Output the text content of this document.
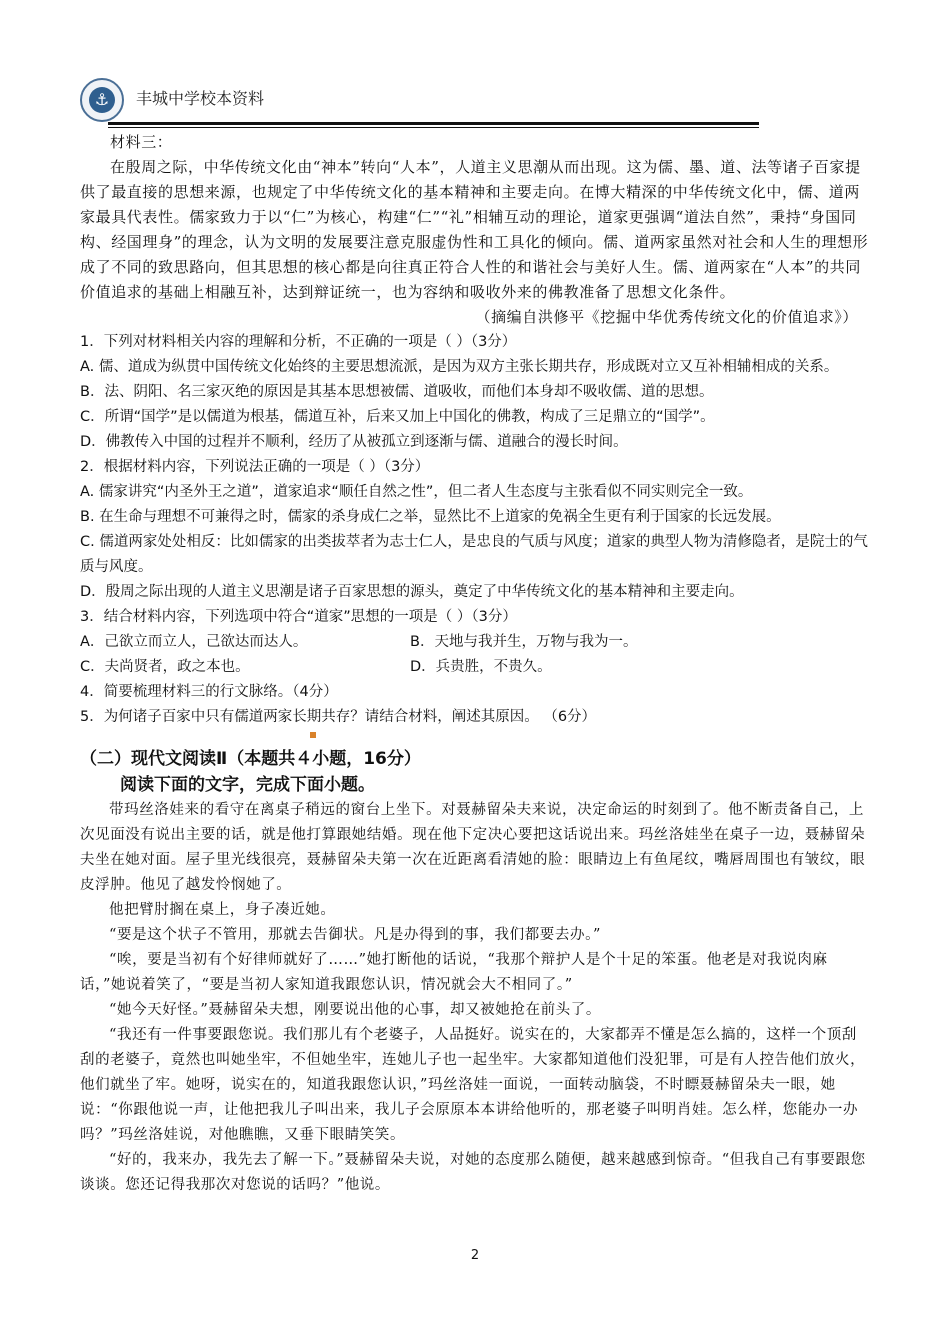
⚓	丰城中学校本资料

材料三：

在殷周之际，中华传统文化由“神本”转向“人本”，人道主义思潮从而出现。这为儒、墨、道、法等诸子百家提供了最直接的思想来源，也规定了中华传统文化的基本精神和主要走向。在博大精深的中华传统文化中，儒、道两家最具代表性。儒家致力于以“仁”为核心，构建“仁”“礼”相辅互动的理论，道家更强调“道法自然”，秉持“身国同构、经国理身”的理念，认为文明的发展要注意克服虚伪性和工具化的倾向。儒、道两家虽然对社会和人生的理想形成了不同的致思路向，但其思想的核心都是向往真正符合人性的和谐社会与美好人生。儒、道两家在“人本”的共同价值追求的基础上相融互补，达到辩证统一，也为容纳和吸收外来的佛教准备了思想文化条件。

（摘编自洪修平《挖掘中华优秀传统文化的价值追求》）

1．下列对材料相关内容的理解和分析，不正确的一项是（ ）（3分）

A. 儒、道成为纵贯中国传统文化始终的主要思想流派，是因为双方主张长期共存，形成既对立又互补相辅相成的关系。

B．法、阴阳、名三家灭绝的原因是其基本思想被儒、道吸收，而他们本身却不吸收儒、道的思想。

C．所谓“国学”是以儒道为根基，儒道互补，后来又加上中国化的佛教，构成了三足鼎立的“国学”。

D．佛教传入中国的过程并不顺利，经历了从被孤立到逐渐与儒、道融合的漫长时间。

2．根据材料内容，下列说法正确的一项是（ ）（3分）

A. 儒家讲究“内圣外王之道”，道家追求“顺任自然之性”，但二者人生态度与主张看似不同实则完全一致。

B. 在生命与理想不可兼得之时，儒家的杀身成仁之举，显然比不上道家的免祸全生更有利于国家的长远发展。

C. 儒道两家处处相反：比如儒家的出类拔萃者为志士仁人，是忠良的气质与风度；道家的典型人物为清修隐者，是院士的气质与风度。

D．殷周之际出现的人道主义思潮是诸子百家思想的源头，奠定了中华传统文化的基本精神和主要走向。

3．结合材料内容，下列选项中符合“道家”思想的一项是（ ）（3分）

A．己欲立而立人，己欲达而达人。	B．天地与我并生，万物与我为一。
C．夫尚贤者，政之本也。	D．兵贵胜，不贵久。

4．简要梳理材料三的行文脉络。（4分）

5．为何诸子百家中只有儒道两家长期共存？请结合材料，阐述其原因。 （6分）

（二）现代文阅读Ⅱ（本题共４小题，16分）

阅读下面的文字，完成下面小题。

带玛丝洛娃来的看守在离桌子稍远的窗台上坐下。对聂赫留朵夫来说，决定命运的时刻到了。他不断责备自己，上次见面没有说出主要的话，就是他打算跟她结婚。现在他下定决心要把这话说出来。玛丝洛娃坐在桌子一边，聂赫留朵夫坐在她对面。屋子里光线很亮，聂赫留朵夫第一次在近距离看清她的脸：眼睛边上有鱼尾纹，嘴唇周围也有皱纹，眼皮浮肿。他见了越发怜悯她了。

他把臂肘搁在桌上，身子凑近她。

“要是这个状子不管用，那就去告御状。凡是办得到的事，我们都要去办。”

“唉，要是当初有个好律师就好了……”她打断他的话说，“我那个辩护人是个十足的笨蛋。他老是对我说肉麻话，”她说着笑了，“要是当初人家知道我跟您认识，情况就会大不相同了。”

“她今天好怪。”聂赫留朵夫想，刚要说出他的心事，却又被她抢在前头了。

“我还有一件事要跟您说。我们那儿有个老婆子，人品挺好。说实在的，大家都弄不懂是怎么搞的，这样一个顶刮刮的老婆子，竟然也叫她坐牢，不但她坐牢，连她儿子也一起坐牢。大家都知道他们没犯罪，可是有人控告他们放火，他们就坐了牢。她呀，说实在的，知道我跟您认识，”玛丝洛娃一面说，一面转动脑袋，不时瞟聂赫留朵夫一眼，她说：“你跟他说一声，让他把我儿子叫出来，我儿子会原原本本讲给他听的，那老婆子叫明肖娃。怎么样，您能办一办吗？”玛丝洛娃说，对他瞧瞧，又垂下眼睛笑笑。

“好的，我来办，我先去了解一下。”聂赫留朵夫说，对她的态度那么随便，越来越感到惊奇。“但我自己有事要跟您谈谈。您还记得我那次对您说的话吗？”他说。

2
